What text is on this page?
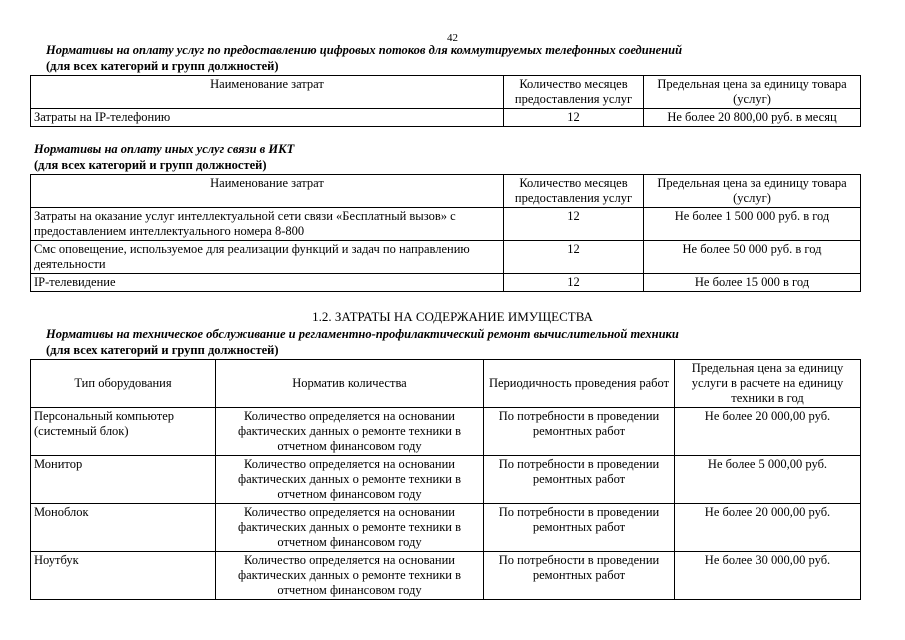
42
Нормативы на оплату услуг по предоставлению цифровых потоков для коммутируемых телефонных соединений
(для всех категорий и групп должностей)
Наименование затрат	Количество месяцев предоставления услуг	Предельная цена за единицу товара (услуг)
Затраты на IP-телефонию	12	Не более 20 800,00 руб. в месяц
Нормативы на оплату иных услуг связи в ИКТ
(для всех категорий и групп должностей)
Наименование затрат	Количество месяцев предоставления услуг	Предельная цена за единицу товара (услуг)
Затраты на оказание услуг интеллектуальной сети связи «Бесплатный вызов» с предоставлением интеллектуального номера 8-800	12	Не более 1 500 000 руб. в год
Смс оповещение, используемое для реализации функций и задач по направлению деятельности	12	Не более 50 000 руб. в год
IP-телевидение	12	Не более 15 000 в год
1.2. ЗАТРАТЫ НА СОДЕРЖАНИЕ ИМУЩЕСТВА
Нормативы на техническое обслуживание и регламентно-профилактический ремонт вычислительной техники
(для всех категорий и групп должностей)
Тип оборудования	Норматив количества	Периодичность проведения работ	Предельная цена за единицу услуги в расчете на единицу техники в год
Персональный компьютер (системный блок)	Количество определяется на основании фактических данных о ремонте техники в отчетном финансовом году	По потребности в проведении ремонтных работ	Не более 20 000,00 руб.
Монитор	Количество определяется на основании фактических данных о ремонте техники в отчетном финансовом году	По потребности в проведении ремонтных работ	Не более 5 000,00 руб.
Моноблок	Количество определяется на основании фактических данных о ремонте техники в отчетном финансовом году	По потребности в проведении ремонтных работ	Не более 20 000,00 руб.
Ноутбук	Количество определяется на основании фактических данных о ремонте техники в отчетном финансовом году	По потребности в проведении ремонтных работ	Не более 30 000,00 руб.
